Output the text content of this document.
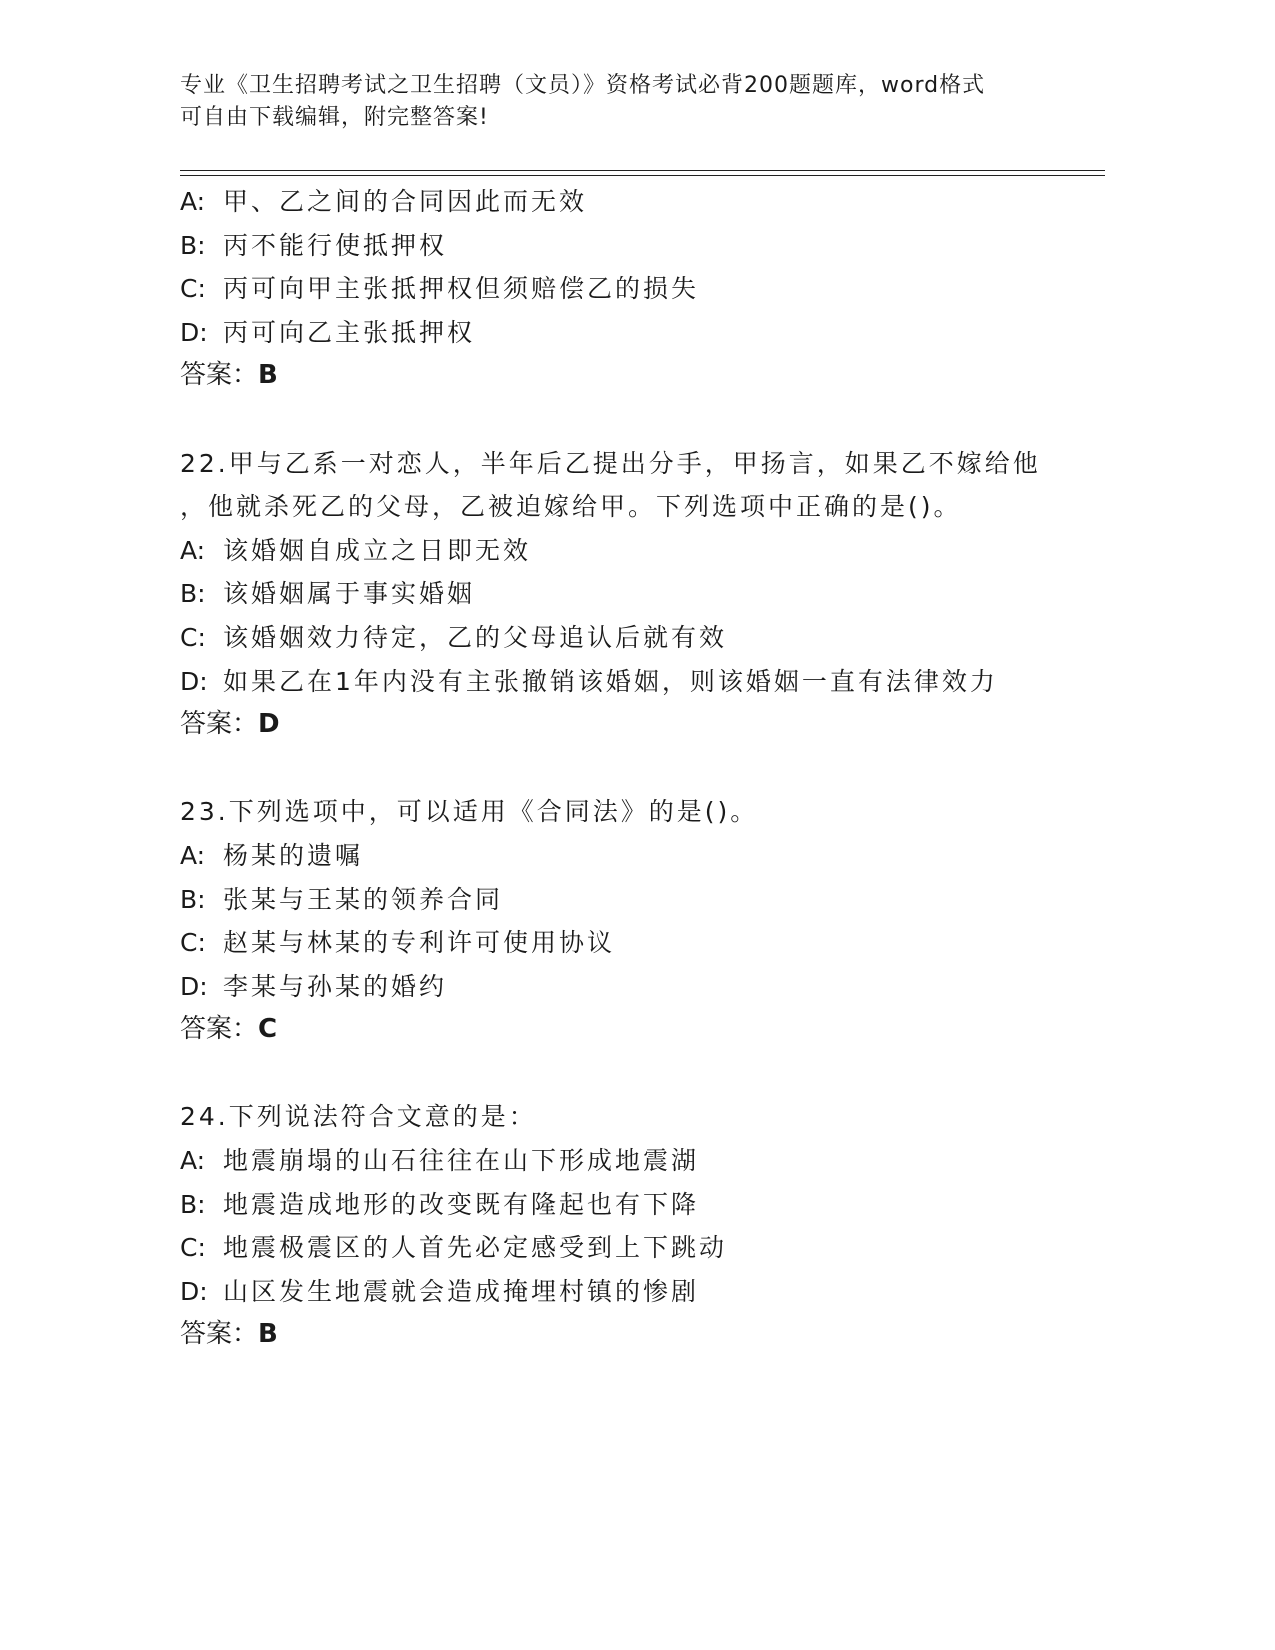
专业《卫生招聘考试之卫生招聘（文员）》资格考试必背200题题库，word格式
可自由下载编辑，附完整答案!
A: 甲、乙之间的合同因此而无效
B: 丙不能行使抵押权
C: 丙可向甲主张抵押权但须赔偿乙的损失
D: 丙可向乙主张抵押权
答案：B
22.甲与乙系一对恋人，半年后乙提出分手，甲扬言，如果乙不嫁给他
，他就杀死乙的父母，乙被迫嫁给甲。下列选项中正确的是()。
A: 该婚姻自成立之日即无效
B: 该婚姻属于事实婚姻
C: 该婚姻效力待定，乙的父母追认后就有效
D: 如果乙在1年内没有主张撤销该婚姻，则该婚姻一直有法律效力
答案：D
23.下列选项中，可以适用《合同法》的是()。
A: 杨某的遗嘱
B: 张某与王某的领养合同
C: 赵某与林某的专利许可使用协议
D: 李某与孙某的婚约
答案：C
24.下列说法符合文意的是：
A: 地震崩塌的山石往往在山下形成地震湖
B: 地震造成地形的改变既有隆起也有下降
C: 地震极震区的人首先必定感受到上下跳动
D: 山区发生地震就会造成掩埋村镇的惨剧
答案：B
